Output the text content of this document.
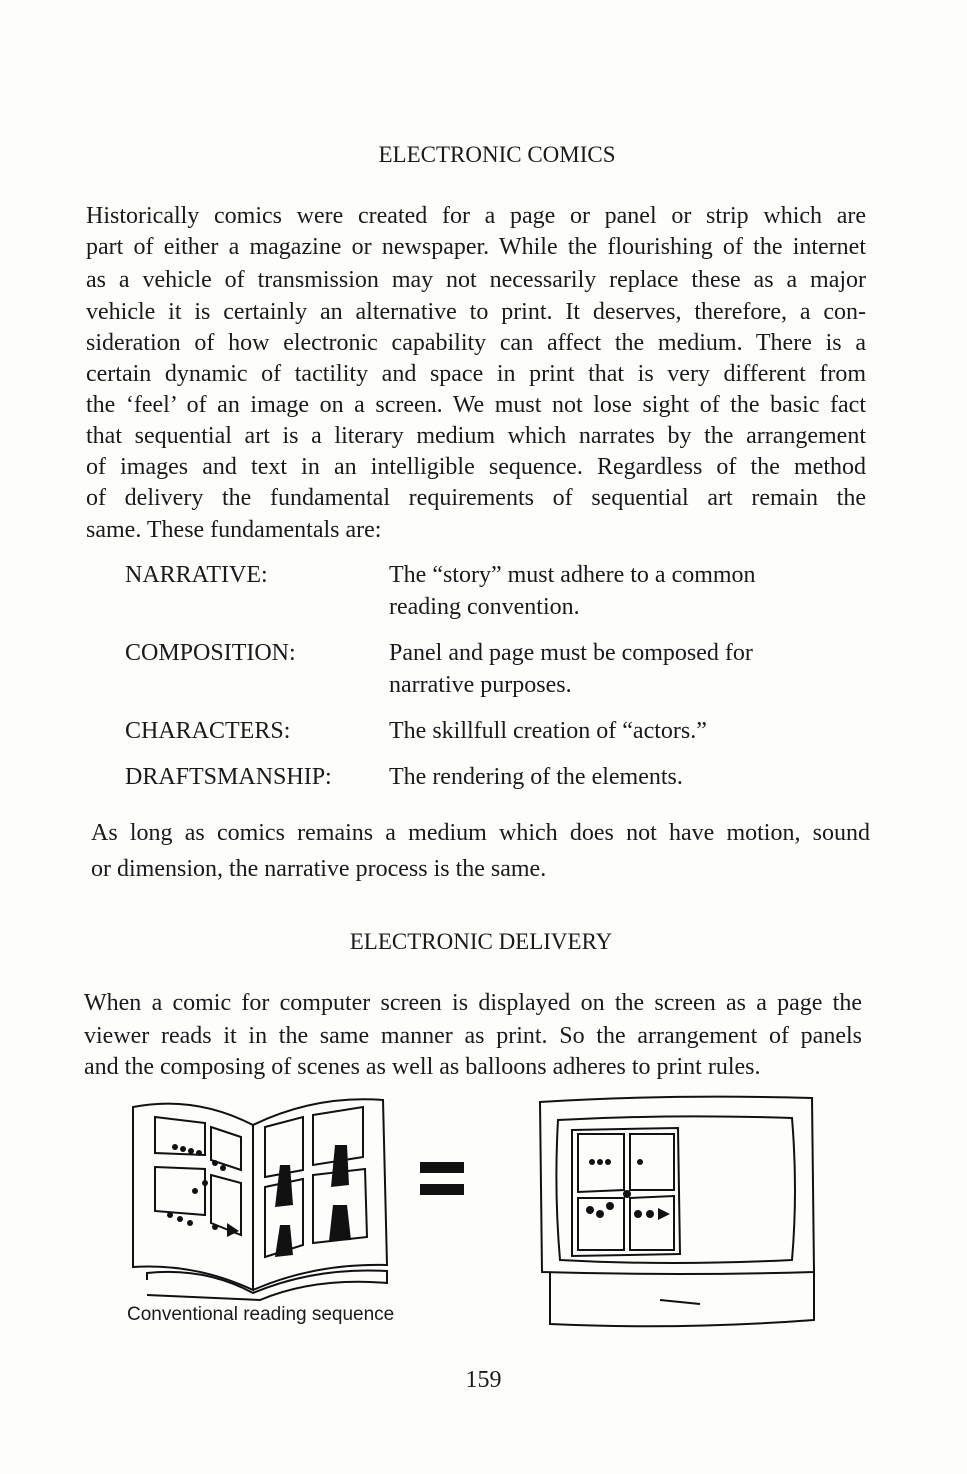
ELECTRONIC COMICS
Historically comics were created for a page or panel or strip which are
part of either a magazine or newspaper. While the flourishing of the internet
as a vehicle of transmission may not necessarily replace these as a major
vehicle it is certainly an alternative to print. It deserves, therefore, a con-
sideration of how electronic capability can affect the medium. There is a
certain dynamic of tactility and space in print that is very different from
the ‘feel’ of an image on a screen. We must not lose sight of the basic fact
that sequential art is a literary medium which narrates by the arrangement
of images and text in an intelligible sequence. Regardless of the method
of delivery the fundamental requirements of sequential art remain the
same. These fundamentals are:
NARRATIVE:	The “story” must adhere to a common
reading convention.
COMPOSITION:	Panel and page must be composed for
narrative purposes.
CHARACTERS:	The skillfull creation of “actors.”
DRAFTSMANSHIP: The rendering of the elements.
As long as comics remains a medium which does not have motion, sound
or dimension, the narrative process is the same.
ELECTRONIC DELIVERY
When a comic for computer screen is displayed on the screen as a page the
viewer reads it in the same manner as print. So the arrangement of panels
and the composing of scenes as well as balloons adheres to print rules.
Conventional reading sequence
159
